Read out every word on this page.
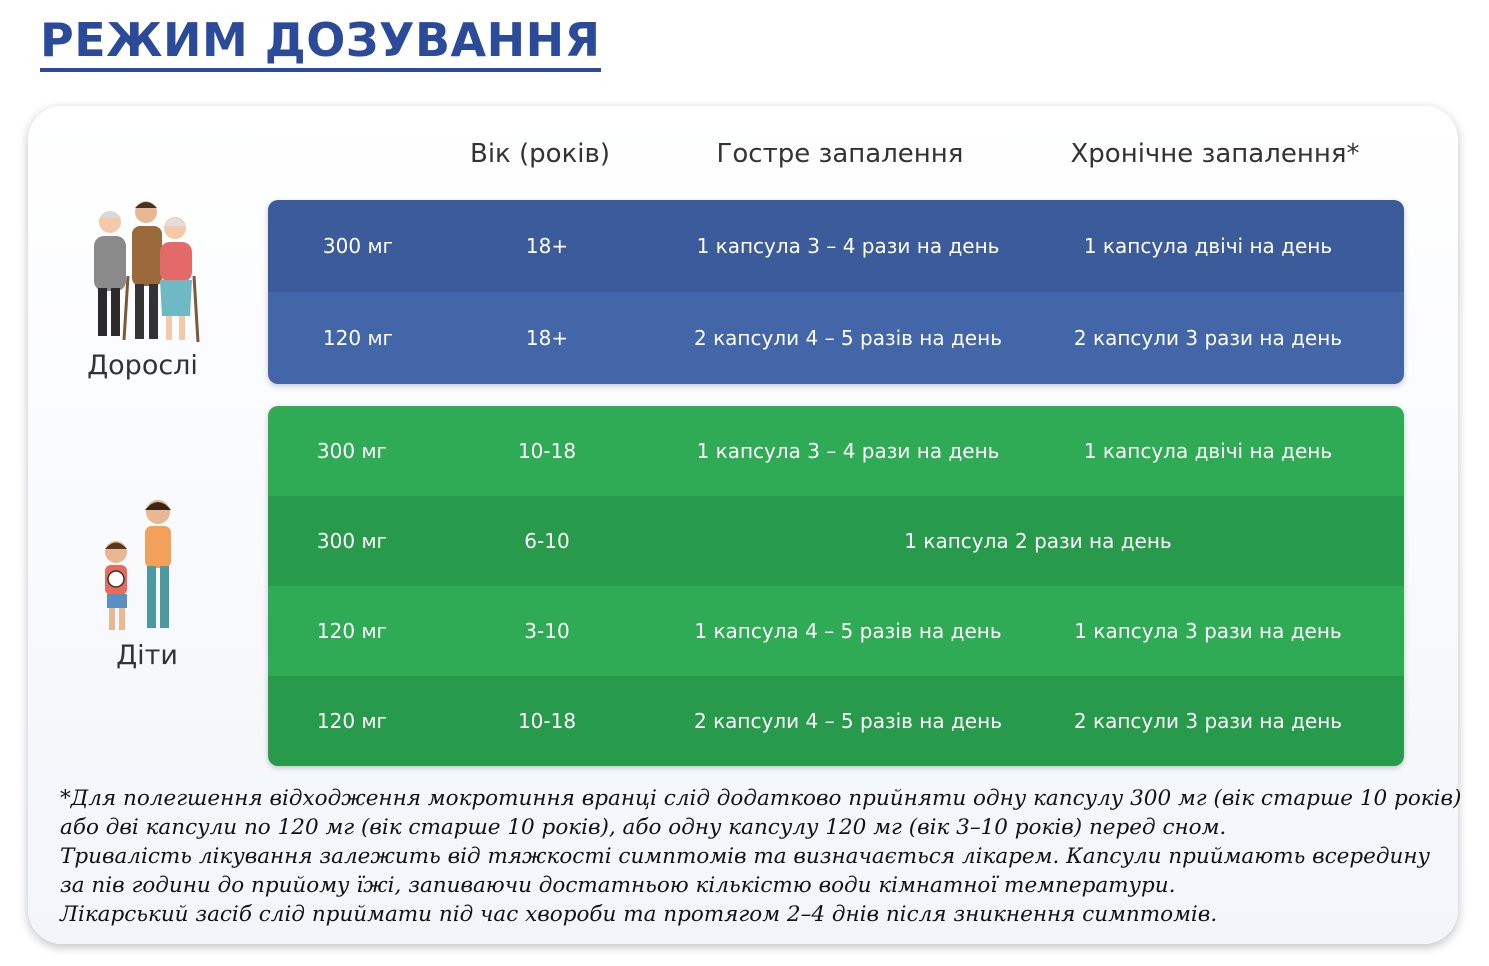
РЕЖИМ ДОЗУВАННЯ
Вік (років)	Гостре запалення	Хронічне запалення*
Дорослі
Діти
300 мг	18+	1 капсула 3 – 4 рази на день	1 капсула двічі на день
120 мг	18+	2 капсули 4 – 5 разів на день	2 капсули 3 рази на день
300 мг	10-18	1 капсула 3 – 4 рази на день	1 капсула двічі на день
300 мг	6-10	1 капсула 2 рази на день
120 мг	3-10	1 капсула 4 – 5 разів на день	1 капсула 3 рази на день
120 мг	10-18	2 капсули 4 – 5 разів на день	2 капсули 3 рази на день
*Для полегшення відходження мокротиння вранці слід додатково прийняти одну капсулу 300 мг (вік старше 10 років)
або дві капсули по 120 мг (вік старше 10 років), або одну капсулу 120 мг (вік 3–10 років) перед сном.
Тривалість лікування залежить від тяжкості симптомів та визначається лікарем. Капсули приймають всередину
за пів години до прийому їжі, запиваючи достатньою кількістю води кімнатної температури.
Лікарський засіб слід приймати під час хвороби та протягом 2–4 днів після зникнення симптомів.
